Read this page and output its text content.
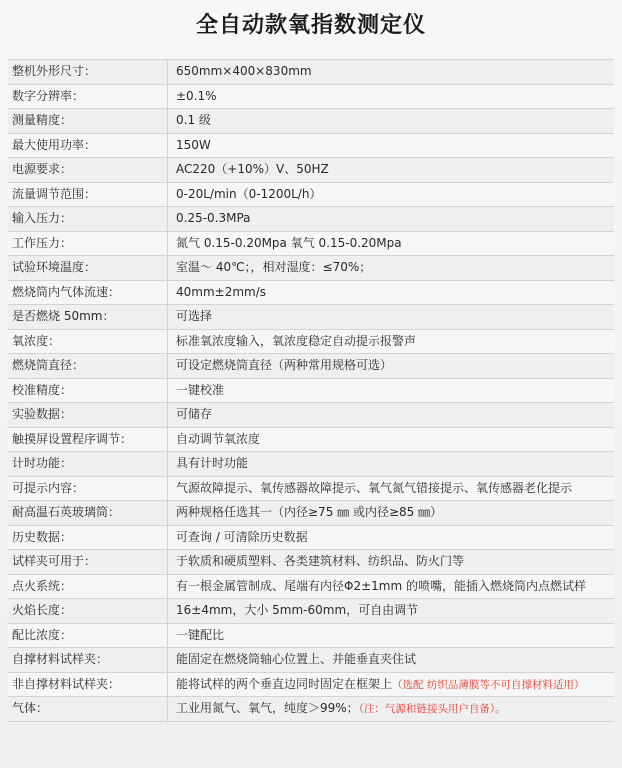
全自动款氧指数测定仪
整机外形尺寸：	650mm×400×830mm
数字分辨率：	±0.1%
测量精度：	0.1 级
最大使用功率：	150W
电源要求：	AC220（+10%）V、50HZ
流量调节范围：	0-20L/min（0-1200L/h）
输入压力：	0.25-0.3MPa
工作压力：	氮气 0.15-0.20Mpa 氧气 0.15-0.20Mpa
试验环境温度：	室温～ 40℃；，相对湿度：≤70%；
燃烧筒内气体流速：	40mm±2mm/s
是否燃烧 50mm：	可选择
氧浓度：	标准氧浓度输入，氧浓度稳定自动提示报警声
燃烧筒直径：	可设定燃烧筒直径（两种常用规格可选）
校准精度：	一键校准
实验数据：	可储存
触摸屏设置程序调节：	自动调节氧浓度
计时功能：	具有计时功能
可提示内容：	气源故障提示、氧传感器故障提示、氧气氮气错接提示、氧传感器老化提示
耐高温石英玻璃筒：	两种规格任选其一（内径≥75 ㎜ 或内径≥85 ㎜）
历史数据：	可查询 / 可清除历史数据
试样夹可用于：	于软质和硬质塑料、各类建筑材料、纺织品、防火门等
点火系统：	有一根金属管制成、尾端有内径Φ2±1mm 的喷嘴，能插入燃烧筒内点燃试样
火焰长度：	16±4mm，大小 5mm-60mm，可自由调节
配比浓度：	一键配比
自撑材料试样夹：	能固定在燃烧筒轴心位置上、并能垂直夹住试
非自撑材料试样夹：	能将试样的两个垂直边同时固定在框架上（选配 纺织品薄膜等不可自撑材料适用）
气体：	工业用氮气、氧气，纯度＞99%；（注：气源和链接头用户自备）。
